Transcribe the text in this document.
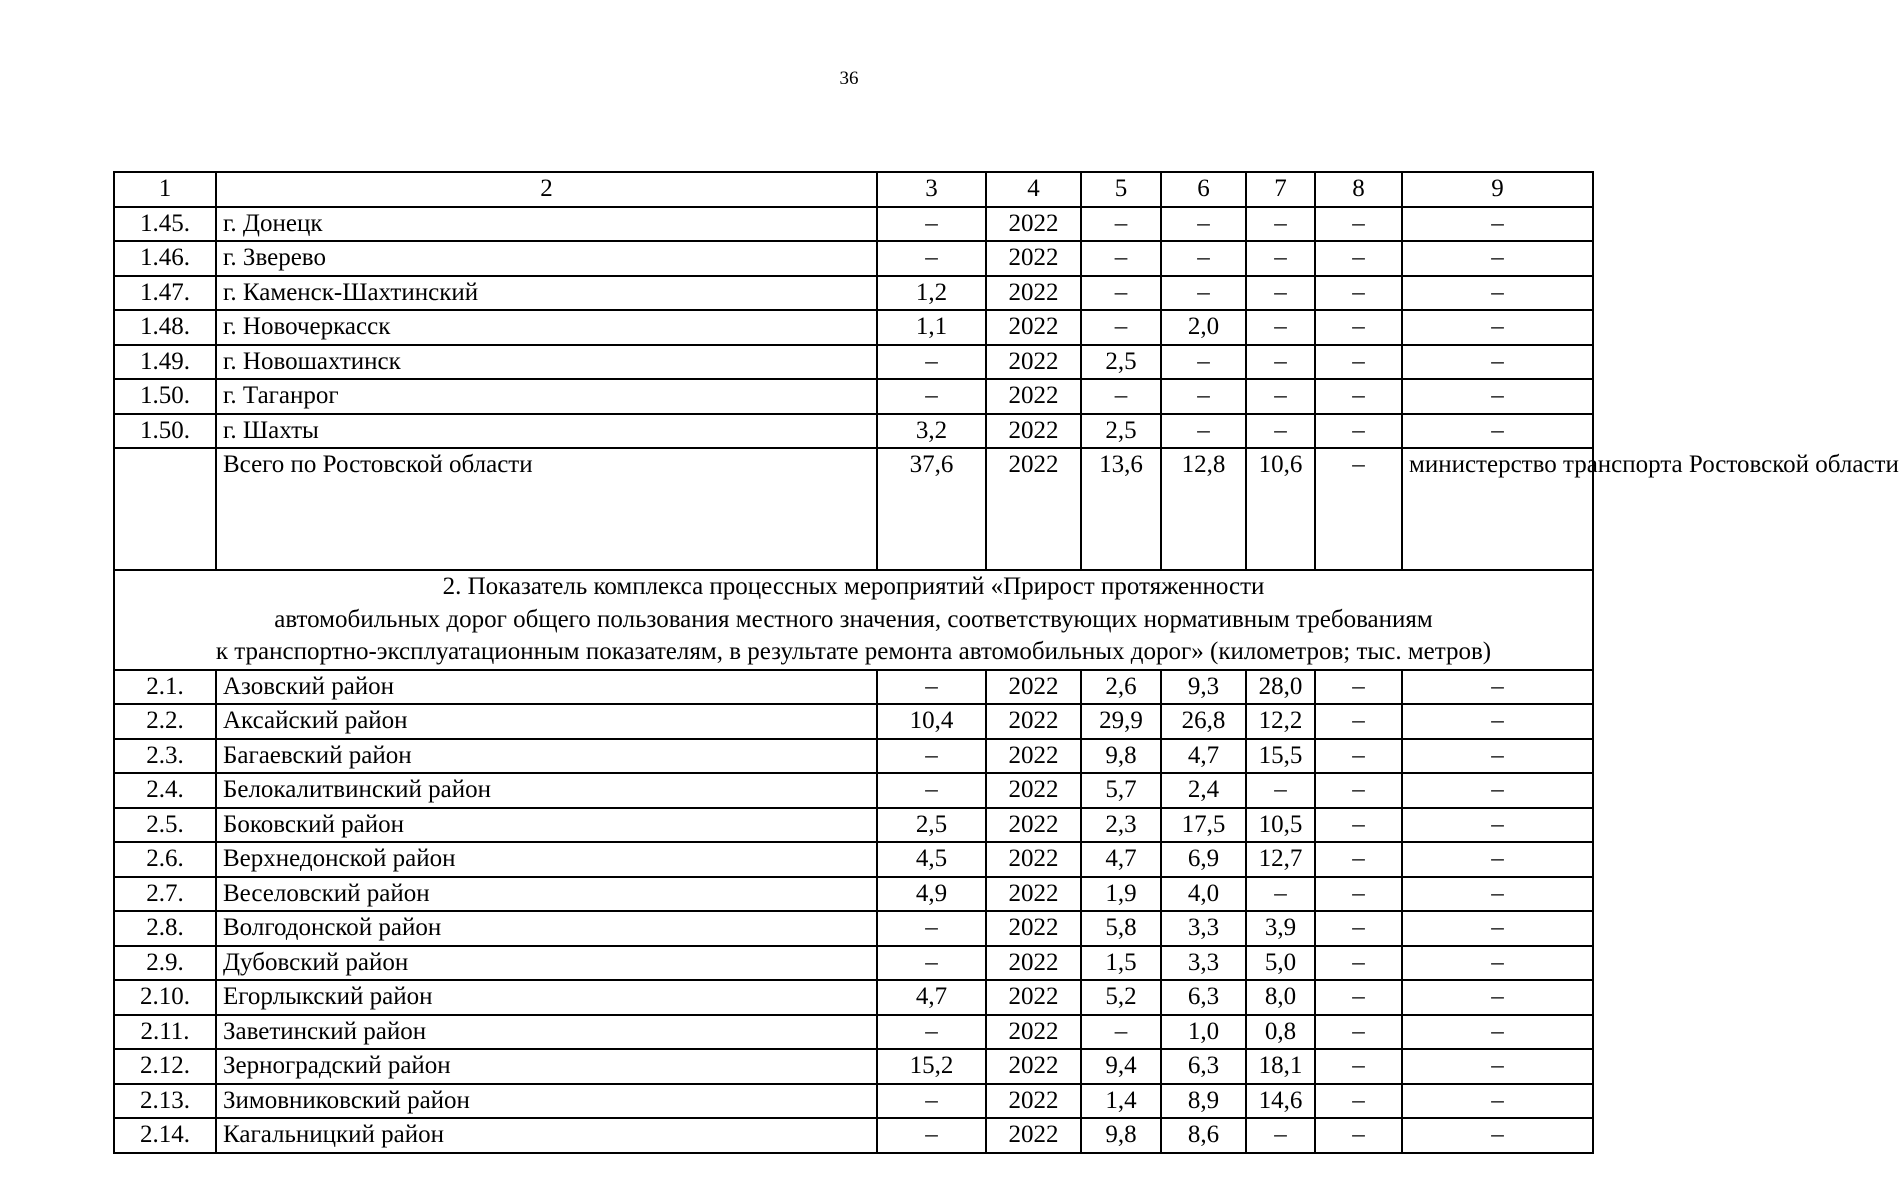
36
1	2	3	4	5	6	7	8	9
1.45.	г. Донецк	–	2022	–	–	–	–	–
1.46.	г. Зверево	–	2022	–	–	–	–	–
1.47.	г. Каменск-Шахтинский	1,2	2022	–	–	–	–	–
1.48.	г. Новочеркасск	1,1	2022	–	2,0	–	–	–
1.49.	г. Новошахтинск	–	2022	2,5	–	–	–	–
1.50.	г. Таганрог	–	2022	–	–	–	–	–
1.50.	г. Шахты	3,2	2022	2,5	–	–	–	–
	Всего по Ростовской области	37,6	2022	13,6	12,8	10,6	–	министерство транспорта Ростовской области

2. Показатель комплекса процессных мероприятий «Прирост протяженности
автомобильных дорог общего пользования местного значения, соответствующих нормативным требованиям
к транспортно-эксплуатационным показателям, в результате ремонта автомобильных дорог» (километров; тыс. метров)								

2.1.	Азовский район	–	2022	2,6	9,3	28,0	–	–
2.2.	Аксайский район	10,4	2022	29,9	26,8	12,2	–	–
2.3.	Багаевский район	–	2022	9,8	4,7	15,5	–	–
2.4.	Белокалитвинский район	–	2022	5,7	2,4	–	–	–
2.5.	Боковский район	2,5	2022	2,3	17,5	10,5	–	–
2.6.	Верхнедонской район	4,5	2022	4,7	6,9	12,7	–	–
2.7.	Веселовский район	4,9	2022	1,9	4,0	–	–	–
2.8.	Волгодонской район	–	2022	5,8	3,3	3,9	–	–
2.9.	Дубовский район	–	2022	1,5	3,3	5,0	–	–
2.10.	Егорлыкский район	4,7	2022	5,2	6,3	8,0	–	–
2.11.	Заветинский район	–	2022	–	1,0	0,8	–	–
2.12.	Зерноградский район	15,2	2022	9,4	6,3	18,1	–	–
2.13.	Зимовниковский район	–	2022	1,4	8,9	14,6	–	–
2.14.	Кагальницкий район	–	2022	9,8	8,6	–	–	–
